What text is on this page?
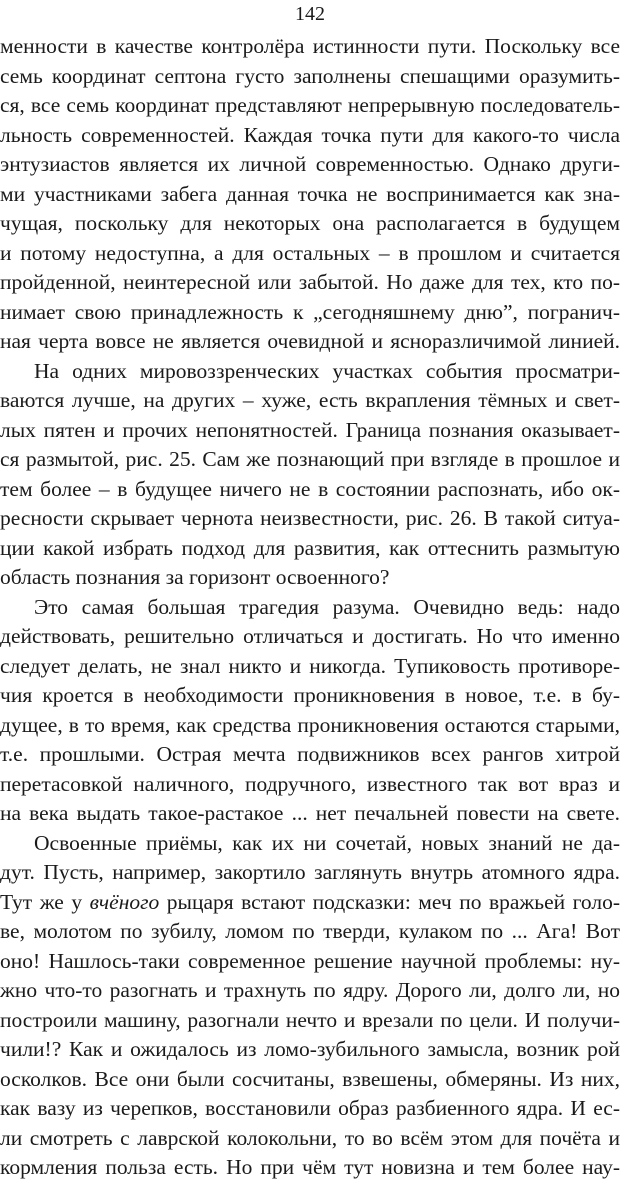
142
менности в качестве контролёра истинности пути. Поскольку все
семь координат септона густо заполнены спешащими оразумить-
ся, все семь координат представляют непрерывную последователь-
льность современностей. Каждая точка пути для какого-то числа
энтузиастов является их личной современностью. Однако други-
ми участниками забега данная точка не воспринимается как зна-
чущая, поскольку для некоторых она располагается в будущем
и потому недоступна, а для остальных – в прошлом и считается
пройденной, неинтересной или забытой. Но даже для тех, кто по-
нимает свою принадлежность к „сегодняшнему дню”, погранич-
ная черта вовсе не является очевидной и ясноразличимой линией.
На одних мировоззренческих участках события просматри-
ваются лучше, на других – хуже, есть вкрапления тёмных и свет-
лых пятен и прочих непонятностей. Граница познания оказывает-
ся размытой, рис. 25. Сам же познающий при взгляде в прошлое и
тем более – в будущее ничего не в состоянии распознать, ибо ок-
ресности скрывает чернота неизвестности, рис. 26. В такой ситуа-
ции какой избрать подход для развития, как оттеснить размытую
область познания за горизонт освоенного?
Это самая большая трагедия разума. Очевидно ведь: надо
действовать, решительно отличаться и достигать. Но что именно
следует делать, не знал никто и никогда. Тупиковость противоре-
чия кроется в необходимости проникновения в новое, т.е. в бу-
дущее, в то время, как средства проникновения остаются старыми,
т.е. прошлыми. Острая мечта подвижников всех рангов хитрой
перетасовкой наличного, подручного, известного так вот враз и
на века выдать такое-растакое ... нет печальней повести на свете.
Освоенные приёмы, как их ни сочетай, новых знаний не да-
дут. Пусть, например, закортило заглянуть внутрь атомного ядра.
Тут же у вчёного рыцаря встают подсказки: меч по вражьей голо-
ве, молотом по зубилу, ломом по тверди, кулаком по ... Ага! Вот
оно! Нашлось-таки современное решение научной проблемы: ну-
жно что-то разогнать и трахнуть по ядру. Дорого ли, долго ли, но
построили машину, разогнали нечто и врезали по цели. И получи-
чили!? Как и ожидалось из ломо-зубильного замысла, возник рой
осколков. Все они были сосчитаны, взвешены, обмеряны. Из них,
как вазу из черепков, восстановили образ разбиенного ядра. И ес-
ли смотреть с лаврской колокольни, то во всём этом для почёта и
кормления польза есть. Но при чём тут новизна и тем более нау-
